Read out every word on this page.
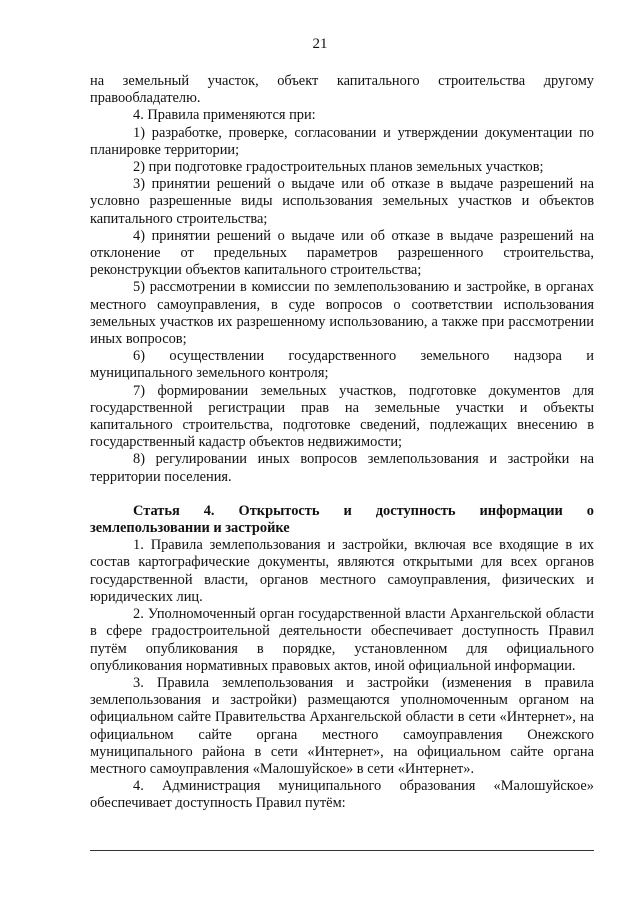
21

на земельный участок, объект капитального строительства другому правообладателю.

4. Правила применяются при:

1) разработке, проверке, согласовании и утверждении документации по планировке территории;

2) при подготовке градостроительных планов земельных участков;

3) принятии решений о выдаче или об отказе в выдаче разрешений на условно разрешенные виды использования земельных участков и объектов капитального строительства;

4) принятии решений о выдаче или об отказе в выдаче разрешений на отклонение от предельных параметров разрешенного строительства, реконструкции объектов капитального строительства;

5) рассмотрении в комиссии по землепользованию и застройке, в органах местного самоуправления, в суде вопросов о соответствии использования земельных участков их разрешенному использованию, а также при рассмотрении иных вопросов;

6) осуществлении государственного земельного надзора и муниципального земельного контроля;

7) формировании земельных участков, подготовке документов для государственной регистрации прав на земельные участки и объекты капитального строительства, подготовке сведений, подлежащих внесению в государственный кадастр объектов недвижимости;

8) регулировании иных вопросов землепользования и застройки на территории поселения.

Статья 4. Открытость и доступность информации о землепользовании и застройке

1. Правила землепользования и застройки, включая все входящие в их состав картографические документы, являются открытыми для всех органов государственной власти, органов местного самоуправления, физических и юридических лиц.

2. Уполномоченный орган государственной власти Архангельской области в сфере градостроительной деятельности обеспечивает доступность Правил путём опубликования в порядке, установленном для официального опубликования нормативных правовых актов, иной официальной информации.

3. Правила землепользования и застройки (изменения в правила землепользования и застройки) размещаются уполномоченным органом на официальном сайте Правительства Архангельской области в сети «Интернет», на официальном сайте органа местного самоуправления Онежского муниципального района в сети «Интернет», на официальном сайте органа местного самоуправления «Малошуйское» в сети «Интернет».

4. Администрация муниципального образования «Малошуйское» обеспечивает доступность Правил путём:
